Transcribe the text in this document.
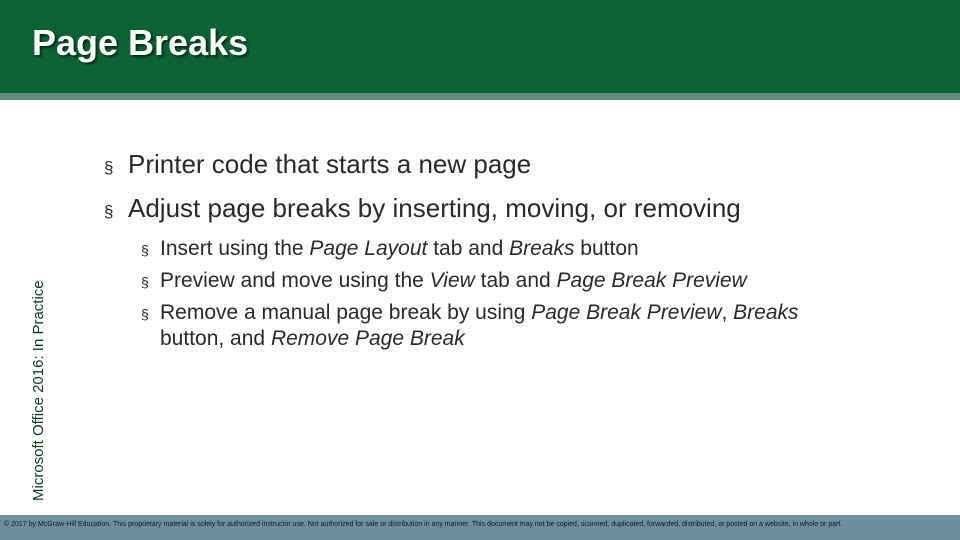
Page Breaks
Microsoft Office 2016: In Practice
§ Printer code that starts a new page
§ Adjust page breaks by inserting, moving, or removing
§ Insert using the Page Layout tab and Breaks button
§ Preview and move using the View tab and Page Break Preview
§ Remove a manual page break by using Page Break Preview, Breaks button, and Remove Page Break
© 2017 by McGraw-Hill Education. This proprietary material is solely for authorized instructor use. Not authorized for sale or distribution in any manner. This document may not be copied, scanned, duplicated, forwarded, distributed, or posted on a website, in whole or part.
